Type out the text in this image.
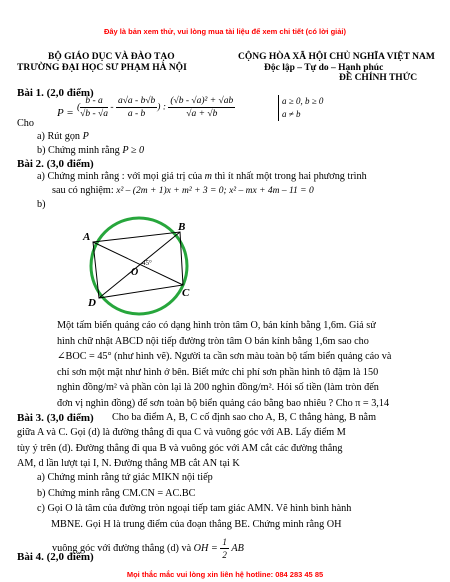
Đây là bản xem thử, vui lòng mua tài liệu để xem chi tiết (có lời giải)
BỘ GIÁO DỤC VÀ ĐÀO TẠO
TRƯỜNG ĐẠI HỌC SƯ PHẠM HÀ NỘI
CỘNG HÒA XÃ HỘI CHỦ NGHĨA VIỆT NAM
Độc lập – Tự do – Hạnh phúc
ĐỀ CHÍNH THỨC
Bài 1. (2,0 điểm)
P = ( $\frac{b - a}{√b - √a} - \frac{a√a - b√b}{a - b}$ ) : $\frac{\text{(√b - √a)² + √ab}}{√a + √b}$	a ≥ 0, b ≥ 0
a ≠ b
Cho
a) Rút gọn P
b) Chứng minh rằng P ≥ 0
Bài 2. (3,0 điểm)
a) Chứng minh rằng : với mọi giá trị của m thì ít nhất một trong hai phương trình
sau có nghiệm: x² – (2m + 1)x + m² + 3 = 0; x² – mx + 4m – 11 = 0
b)
A
B
C
D
O
45°
Một tấm biển quảng cáo có dạng hình tròn tâm O, bán kính bằng 1,6m. Giả sử
hình chữ nhật ABCD nội tiếp đường tròn tâm O bán kính bằng 1,6m sao cho
∠BOC = 45° (như hình vẽ). Người ta cần sơn màu toàn bộ tấm biển quảng cáo và
chỉ sơn một mặt như hình ở bên. Biết mức chi phí sơn phần hình tô đậm là 150
nghìn đồng/m² và phần còn lại là 200 nghìn đồng/m². Hỏi số tiền (làm tròn đến
đơn vị nghìn đồng) để sơn toàn bộ biển quảng cáo bằng bao nhiêu ? Cho π = 3,14
Bài 3. (3,0 điểm) Cho ba điểm A, B, C cố định sao cho A, B, C thẳng hàng, B nằm
giữa A và C. Gọi (d) là đường thẳng đi qua C và vuông góc với AB. Lấy điểm M
tùy ý trên (d). Đường thẳng đi qua B và vuông góc với AM cắt các đường thẳng
AM, d lần lượt tại I, N. Đường thẳng MB cắt AN tại K
a) Chứng minh rằng tứ giác MIKN nội tiếp
b) Chứng minh rằng CM.CN = AC.BC
c) Gọi O là tâm của đường tròn ngoại tiếp tam giác AMN. Vẽ hình bình hành
MBNE. Gọi H là trung điểm của đoạn thẳng BE. Chứng minh rằng OH
vuông góc với đường thẳng (d) và OH = $\frac{1}{2}$ AB
Bài 4. (2,0 điểm)
Mọi thắc mắc vui lòng xin liên hệ hotline: 084 283 45 85
